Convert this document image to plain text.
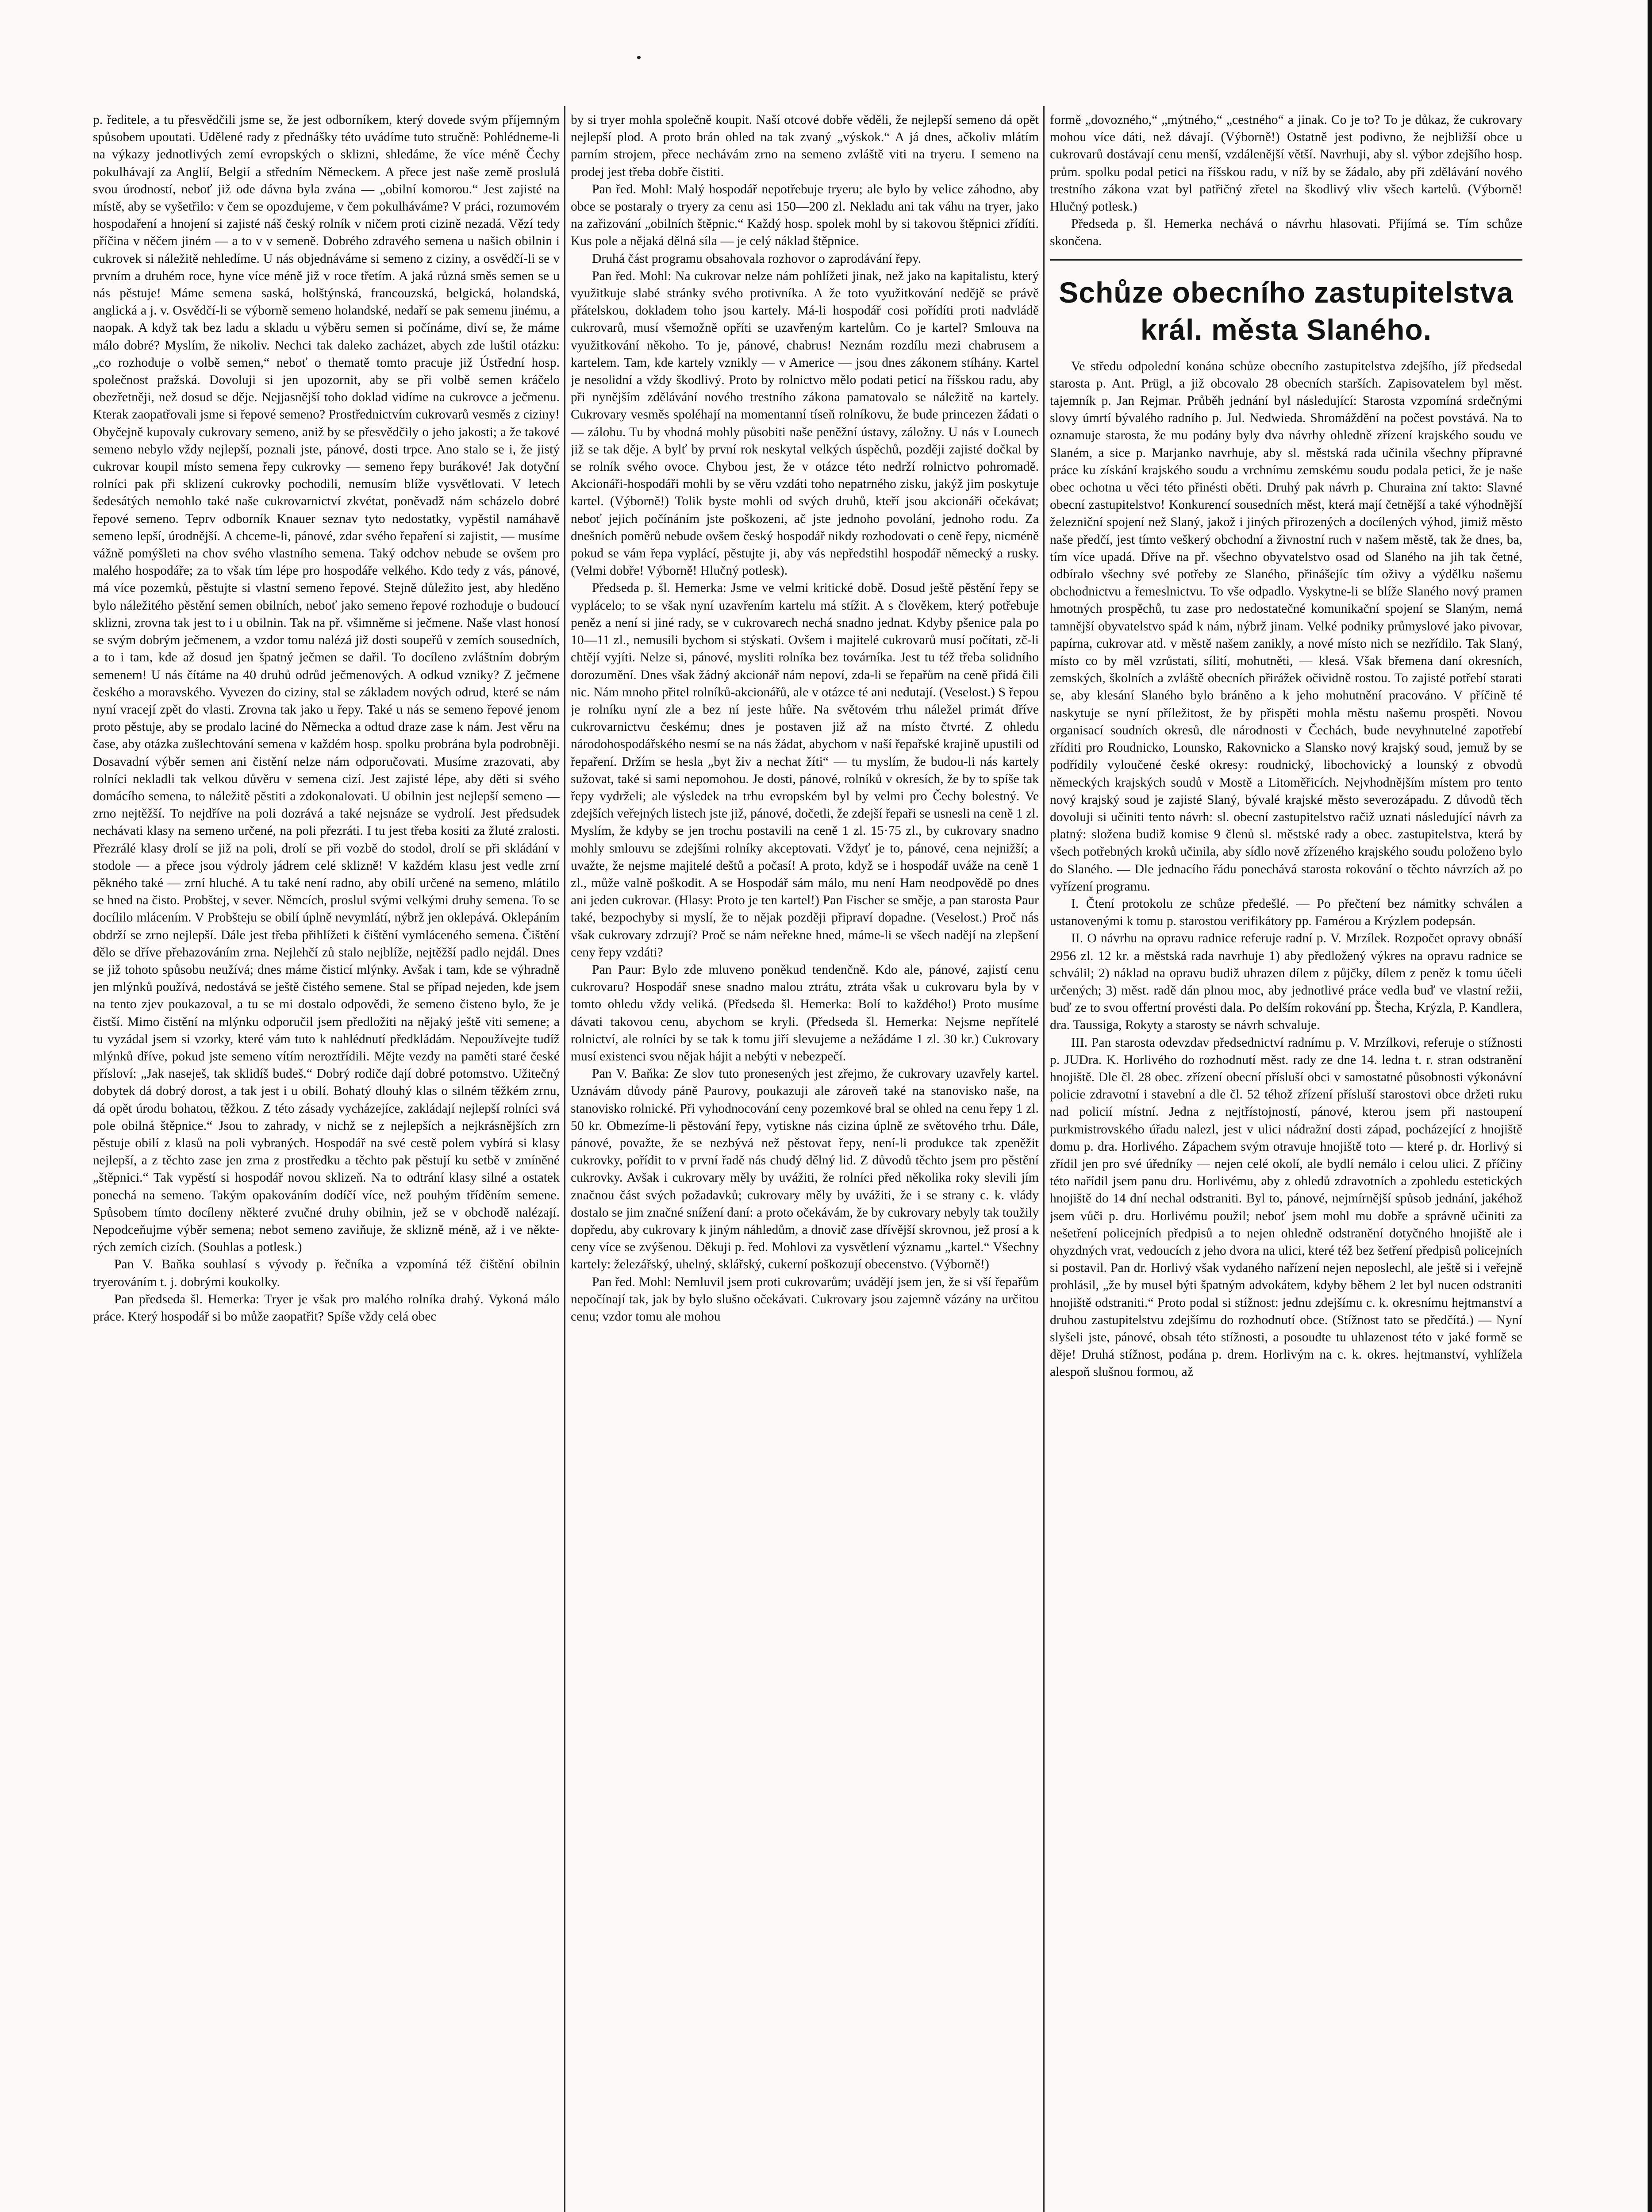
p. ředitele, a tu přesvědčili jsme se, že jest odborníkem, který dovede svým příjemným spůsobem upoutati. Udělené rady z přednášky této uvádíme tuto stručně: Pohlédneme-li na výkazy jednotlivých zemí evropských o sklizni, shledáme, že více méně Čechy pokulhávají za Anglií, Belgií a středním Německem. A přece jest naše země proslulá svou úrodností, neboť již ode dávna byla zvána — „obilní komorou.“ Jest zajisté na místě, aby se vyšetřilo: v čem se opozdujeme, v čem pokulháváme? V práci, rozumovém hospodaření a hnojení si zajisté náš český rolník v ničem proti cizině nezadá. Vězí tedy příčina v něčem jiném — a to v v semeně. Dobrého zdravého semena u našich obilnin i cukrovek si náležitě nehledíme. U nás objednáváme si semeno z ciziny, a osvědčí-li se v prvním a druhém roce, hyne více méně již v roce třetím. A jaká různá směs semen se u nás pěstuje! Máme semena saská, holštýnská, francouzská, belgická, holandská, anglická a j. v. Osvědčí-li se výborně semeno holandské, nedaří se pak semenu jinému, a naopak. A když tak bez ladu a skladu u výběru semen si počínáme, diví se, že máme málo dobré? Myslím, že nikoliv. Nechci tak daleko zacházet, abych zde luštil otázku: „co rozhoduje o volbě semen,“ neboť o thematě tomto pracuje již Ústřední hosp. společnost pražská. Dovoluji si jen upozornit, aby se při volbě semen kráčelo obezřetněji, než dosud se děje. Nejjasnější toho doklad vidíme na cukrovce a ječmenu. Kterak zaopatřovali jsme si řepové semeno? Prostřednictvím cukrovarů vesměs z ciziny! Obyčejně kupovaly cukrovary semeno, aniž by se přesvědčily o jeho jakosti; a že takové semeno nebylo vždy nejlepší, poznali jste, pánové, dosti trpce. Ano stalo se i, že jistý cukrovar koupil místo semena řepy cukrovky — semeno řepy burákové! Jak dotyční rolníci pak při sklizení cukrovky pochodili, nemusím blíže vysvětlovati. V letech šedesátých nemohlo také naše cukrovarnictví zkvétat, poněvadž nám scházelo dobré řepové semeno. Teprv odborník Knauer seznav tyto nedostatky, vypěstil namáhavě semeno lepší, úrodnější. A chceme-li, pánové, zdar svého řepaření si zajistit, — musíme vážně pomýšleti na chov svého vlastního semena. Taký odchov nebude se ovšem pro malého hospodáře; za to však tím lépe pro hospodáře velkého. Kdo tedy z vás, pánové, má více pozemků, pěstujte si vlastní semeno řepové. Stejně důležito jest, aby hleděno bylo náležitého pěstění semen obilních, neboť jako semeno řepové rozhoduje o budoucí sklizni, zrovna tak jest to i u obilnin. Tak na př. všimněme si ječmene. Naše vlast honosí se svým dobrým ječmenem, a vzdor tomu nalézá již dosti soupeřů v zemích sousedních, a to i tam, kde až dosud jen špatný ječmen se dařil. To docíleno zvláštním dobrým semenem! U nás čítáme na 40 druhů odrůd ječmenových. A odkud vzniky? Z ječmene českého a moravského. Vyvezen do ciziny, stal se základem nových odrud, které se nám nyní vracejí zpět do vlasti. Zrovna tak jako u řepy. Také u nás se semeno řepové jenom proto pěstuje, aby se prodalo laciné do Německa a odtud draze zase k nám. Jest věru na čase, aby otázka zušlechtování semena v každém hosp. spolku probrána byla podrobněji. Dosavadní výběr semen ani čistění nelze nám odporučovati. Musíme zrazovati, aby rolníci nekladli tak velkou důvěru v semena cizí. Jest zajisté lépe, aby děti si svého domácího semena, to náležitě pěstiti a zdokonalovati. U obilnin jest nejlepší semeno — zrno nejtěžší. To nejdříve na poli dozrává a také nejsnáze se vydrolí. Jest předsudek nechávati klasy na semeno určené, na poli přezráti. I tu jest třeba kositi za žluté zralosti. Přezrálé klasy drolí se již na poli, drolí se při vozbě do stodol, drolí se při skládání v stodole — a přece jsou výdroly jádrem celé sklizně! V každém klasu jest vedle zrní pěkného také — zrní hluché. A tu také není radno, aby obilí určené na semeno, mlátilo se hned na čisto. Probštej, v sever. Němcích, proslul svými velkými druhy semena. To se docílilo mlácením. V Probšteju se obilí úplně nevymlátí, nýbrž jen oklepává. Oklepáním obdrží se zrno nejlepší. Dále jest třeba přihlížeti k čištění vymláceného semena. Čištění dělo se dříve přehazováním zrna. Nejlehčí zů stalo nejblíže, nejtěžší padlo nejdál. Dnes se již tohoto spůsobu neužívá; dnes máme čisticí mlýnky. Avšak i tam, kde se výhradně jen mlýnků používá, nedostává se ještě čistého semene. Stal se případ nejeden, kde jsem na tento zjev poukazoval, a tu se mi dostalo odpovědi, že semeno čisteno bylo, že je čistší. Mimo čistění na mlýnku odporučil jsem předložiti na nějaký ještě viti semene; a tu vyzádal jsem si vzorky, které vám tuto k nahlédnutí předkládám. Nepoužívejte tudíž mlýnků dříve, pokud jste semeno vítím neroztřídili. Mějte vezdy na paměti staré české přísloví: „Jak naseješ, tak sklidíš budeš.“ Dobrý rodiče dají dobré potomstvo. Užitečný dobytek dá dobrý dorost, a tak jest i u obilí. Bohatý dlouhý klas o silném těžkém zrnu, dá opět úrodu bohatou, těžkou. Z této zásady vycházejíce, zakládají nejlepší rolníci svá pole obilná štěpnice.“ Jsou to zahrady, v nichž se z nejlepších a nejkrásnějších zrn pěstuje obilí z klasů na poli vybraných. Hospodář na své cestě polem vybírá si klasy nejlepší, a z těchto zase jen zrna z prostředku a těchto pak pěstují ku setbě v zmíněné „štěpnici.“ Tak vypěstí si hospodář novou sklizeň. Na to odtrání klasy silné a ostatek ponechá na semeno. Takým opakováním dodíčí více, než pouhým tříděním semene. Spůsobem tímto docíleny některé zvučné druhy obilnin, jež se v obchodě nalézají. Nepodceňujme výběr semena; nebot semeno zaviňuje, že sklizně méně, až i ve některých zemích cizích. (Souhlas a potlesk.)

Pan V. Baňka souhlasí s vývody p. řečníka a vzpomíná též čištění obilnin tryerováním t. j. dobrými koukolky.

Pan předseda šl. Hemerka: Tryer je však pro malého rolníka drahý. Vykoná málo práce. Který hospodář si bo může zaopatřit? Spíše vždy celá obec

by si tryer mohla společně koupit. Naší otcové dobře věděli, že nejlepší semeno dá opět nejlepší plod. A proto brán ohled na tak zvaný „výskok.“ A já dnes, ačkoliv mlátím parním strojem, přece nechávám zrno na semeno zvláště viti na tryeru. I semeno na prodej jest třeba dobře čistiti.

Pan řed. Mohl: Malý hospodář nepotřebuje tryeru; ale bylo by velice záhodno, aby obce se postaraly o tryery za cenu asi 150—200 zl. Nekladu ani tak váhu na tryer, jako na zařizování „obilních štěpnic.“ Každý hosp. spolek mohl by si takovou štěpnici zřídíti. Kus pole a nějaká dělná síla — je celý náklad štěpnice.

Druhá část programu obsahovala rozhovor o zaprodávání řepy.

Pan řed. Mohl: Na cukrovar nelze nám pohlížeti jinak, než jako na kapitalistu, který využitkuje slabé stránky svého protivníka. A že toto využitkování nedějě se právě přátelskou, dokladem toho jsou kartely. Má-li hospodář cosi pořídíti proti nadvládě cukrovarů, musí všemožně opříti se uzavřeným kartelům. Co je kartel? Smlouva na využitkování někoho. To je, pánové, chabrus! Neznám rozdílu mezi chabrusem a kartelem. Tam, kde kartely vznikly — v Americe — jsou dnes zákonem stíhány. Kartel je nesolidní a vždy škodlivý. Proto by rolnictvo mělo podati peticí na říšskou radu, aby při nynějším zdělávání nového trestního zákona pamatovalo se náležitě na kartely. Cukrovary vesměs spoléhají na momentanní tíseň rolníkovu, že bude princezen žádati o — zálohu. Tu by vhodná mohly působiti naše peněžní ústavy, záložny. U nás v Lounech již se tak děje. A bylť by první rok neskytal velkých úspěchů, později zajisté dočkal by se rolník svého ovoce. Chybou jest, že v otázce této nedrží rolnictvo pohromadě. Akcionáři-hospodáři mohli by se věru vzdáti toho nepatrného zisku, jakýž jim poskytuje kartel. (Výborně!) Tolik byste mohli od svých druhů, kteří jsou akcionáři očekávat; neboť jejich počínáním jste poškozeni, ač jste jednoho povolání, jednoho rodu. Za dnešních poměrů nebude ovšem český hospodář nikdy rozhodovati o ceně řepy, nicméně pokud se vám řepa vyplácí, pěstujte ji, aby vás nepředstihl hospodář německý a rusky. (Velmi dobře! Výborně! Hlučný potlesk).

Předseda p. šl. Hemerka: Jsme ve velmi kritické době. Dosud ještě pěstění řepy se vyplácelo; to se však nyní uzavřením kartelu má stížit. A s člověkem, který potřebuje peněz a není si jiné rady, se v cukrovarech nechá snadno jednat. Kdyby pšenice pala po 10—11 zl., nemusili bychom si stýskati. Ovšem i majitelé cukrovarů musí počítati, zč-li chtějí vyjíti. Nelze si, pánové, mysliti rolníka bez továrníka. Jest tu též třeba solidního dorozumění. Dnes však žádný akcionář nám nepoví, zda-li se řepařům na ceně přidá čili nic. Nám mnoho přitel rolníků-akcionářů, ale v otázce té ani nedutají. (Veselost.) S řepou je rolníku nyní zle a bez ní jeste hůře. Na světovém trhu náležel primát dříve cukrovarnictvu českému; dnes je postaven již až na místo čtvrté. Z ohledu národohospodářského nesmí se na nás žádat, abychom v naší řepařské krajině upustili od řepaření. Držím se hesla „byt živ a nechat žíti“ — tu myslím, že budou-li nás kartely sužovat, také si sami nepomohou. Je dosti, pánové, rolníků v okresích, že by to spíše tak řepy vydrželi; ale výsledek na trhu evropském byl by velmi pro Čechy bolestný. Ve zdejších veřejných listech jste již, pánové, dočetli, že zdejší řepaři se usnesli na ceně 1 zl. Myslím, že kdyby se jen trochu postavili na ceně 1 zl. 15·75 zl., by cukrovary snadno mohly smlouvu se zdejšími rolníky akceptovati. Vždyť je to, pánové, cena nejnižší; a uvažte, že nejsme majitelé deštů a počasí! A proto, když se i hospodář uváže na ceně 1 zl., může valně poškodit. A se Hospodář sám málo, mu není Ham neodpovědě po dnes ani jeden cukrovar. (Hlasy: Proto je ten kartel!) Pan Fischer se směje, a pan starosta Paur také, bezpochyby si myslí, že to nějak později připraví dopadne. (Veselost.) Proč nás však cukrovary zdrzují? Proč se nám neřekne hned, máme-li se všech nadějí na zlepšení ceny řepy vzdáti?

Pan Paur: Bylo zde mluveno poněkud tendenčně. Kdo ale, pánové, zajistí cenu cukrovaru? Hospodář snese snadno malou ztrátu, ztráta však u cukrovaru byla by v tomto ohledu vždy veliká. (Předseda šl. Hemerka: Bolí to každého!) Proto musíme dávati takovou cenu, abychom se kryli. (Předseda šl. Hemerka: Nejsme nepřítelé rolnictví, ale rolníci by se tak k tomu jiří slevujeme a nežádáme 1 zl. 30 kr.) Cukrovary musí existenci svou nějak hájit a nebýti v nebezpečí.

Pan V. Baňka: Ze slov tuto pronesených jest zřejmo, že cukrovary uzavřely kartel. Uznávám důvody páně Paurovy, poukazuji ale zároveň také na stanovisko naše, na stanovisko rolnické. Při vyhodnocování ceny pozemkové bral se ohled na cenu řepy 1 zl. 50 kr. Obmezíme-li pěstování řepy, vytiskne nás cizina úplně ze světového trhu. Dále, pánové, považte, že se nezbývá než pěstovat řepy, není-li produkce tak zpeněžit cukrovky, pořídit to v první řadě nás chudý dělný lid. Z důvodů těchto jsem pro pěstění cukrovky. Avšak i cukrovary měly by uvážiti, že rolníci před několika roky slevili jím značnou část svých požadavků; cukrovary měly by uvážiti, že i se strany c. k. vlády dostalo se jim značné snížení daní: a proto očekávám, že by cukrovary nebyly tak toužily dopředu, aby cukrovary k jiným náhledům, a dnovič zase dřívější skrovnou, jež prosí a k ceny více se zvýšenou. Děkuji p. řed. Mohlovi za vysvětlení významu „kartel.“ Všechny kartely: železářský, uhelný, sklářský, cukerní poškozují obecenstvo. (Výborně!)

Pan řed. Mohl: Nemluvil jsem proti cukrovarům; uvádějí jsem jen, že si vší řepařům nepočínají tak, jak by bylo slušno očekávati. Cukrovary jsou zajemně vázány na určitou cenu; vzdor tomu ale mohou

formě „dovozného,“ „mýtného,“ „cestného“ a jinak. Co je to? To je důkaz, že cukrovary mohou více dáti, než dávají. (Výborně!) Ostatně jest podivno, že nejbližší obce u cukrovarů dostávají cenu menší, vzdálenější větší. Navrhuji, aby sl. výbor zdejšího hosp. prům. spolku podal petici na říšskou radu, v níž by se žádalo, aby při zdělávání nového trestního zákona vzat byl patřičný zřetel na škodlivý vliv všech kartelů. (Výborně! Hlučný potlesk.)

Předseda p. šl. Hemerka nechává o návrhu hlasovati. Přijímá se. Tím schůze skončena.

Schůze obecního zastupitelstva král. města Slaného.

Ve středu odpolední konána schůze obecního zastupitelstva zdejšího, jíž předsedal starosta p. Ant. Prügl, a již obcovalo 28 obecních starších. Zapisovatelem byl měst. tajemník p. Jan Rejmar. Průběh jednání byl následující: Starosta vzpomíná srdečnými slovy úmrtí bývalého radního p. Jul. Nedwieda. Shromáždění na počest povstává. Na to oznamuje starosta, že mu podány byly dva návrhy ohledně zřízení krajského soudu ve Slaném, a sice p. Marjanko navrhuje, aby sl. městská rada učinila všechny přípravné práce ku získání krajského soudu a vrchnímu zemskému soudu podala petici, že je naše obec ochotna u věci této přinésti oběti. Druhý pak návrh p. Churaina zní takto: Slavné obecní zastupitelstvo! Konkurencí sousedních měst, která mají četnější a také výhodnější železniční spojení než Slaný, jakož i jiných přirozených a docílených výhod, jimiž město naše předčí, jest tímto veškerý obchodní a živnostní ruch v našem městě, tak že dnes, ba, tím více upadá. Dříve na př. všechno obyvatelstvo osad od Slaného na jih tak četné, odbíralo všechny své potřeby ze Slaného, přinášejíc tím oživy a výdělku našemu obchodnictvu a řemeslnictvu. To vše odpadlo. Vyskytne-li se blíže Slaného nový pramen hmotných prospěchů, tu zase pro nedostatečné komunikační spojení se Slaným, nemá tamnější obyvatelstvo spád k nám, nýbrž jinam. Velké podniky průmyslové jako pivovar, papírna, cukrovar atd. v městě našem zanikly, a nové místo nich se nezřídilo. Tak Slaný, místo co by měl vzrůstati, sílití, mohutněti, — klesá. Však břemena daní okresních, zemských, školních a zvláště obecních přirážek očividně rostou. To zajisté potřebí starati se, aby klesání Slaného bylo bráněno a k jeho mohutnění pracováno. V příčině té naskytuje se nyní příležitost, že by přispěti mohla městu našemu prospěti. Novou organisací soudních okresů, dle národnosti v Čechách, bude nevyhnutelné zapotřebí zříditi pro Roudnicko, Lounsko, Rakovnicko a Slansko nový krajský soud, jemuž by se podřídily vyloučené české okresy: roudnický, libochovický a lounský z obvodů německých krajských soudů v Mostě a Litoměřicích. Nejvhodnějším místem pro tento nový krajský soud je zajisté Slaný, bývalé krajské město severozápadu. Z důvodů těch dovoluji si učiniti tento návrh: sl. obecní zastupitelstvo račiž uznati následující návrh za platný: složena budiž komise 9 členů sl. městské rady a obec. zastupitelstva, která by všech potřebných kroků učinila, aby sídlo nově zřízeného krajského soudu položeno bylo do Slaného. — Dle jednacího řádu ponechává starosta rokování o těchto návrzích až po vyřízení programu.

I. Čtení protokolu ze schůze předešlé. — Po přečtení bez námitky schválen a ustanovenými k tomu p. starostou verifikátory pp. Famérou a Krýzlem podepsán.

II. O návrhu na opravu radnice referuje radní p. V. Mrzílek. Rozpočet opravy obnáší 2956 zl. 12 kr. a městská rada navrhuje 1) aby předložený výkres na opravu radnice se schválil; 2) náklad na opravu budiž uhrazen dílem z půjčky, dílem z peněz k tomu účeli určených; 3) měst. radě dán plnou moc, aby jednotlivé práce vedla buď ve vlastní režii, buď ze to svou offertní provésti dala. Po delším rokování pp. Štecha, Krýzla, P. Kandlera, dra. Taussiga, Rokyty a starosty se návrh schvaluje.

III. Pan starosta odevzdav předsednictví radnímu p. V. Mrzílkovi, referuje o stížnosti p. JUDra. K. Horlivého do rozhodnutí měst. rady ze dne 14. ledna t. r. stran odstranění hnojiště. Dle čl. 28 obec. zřízení obecní přísluší obci v samostatné působnosti výkonávní policie zdravotní i stavební a dle čl. 52 téhož zřízení přísluší starostovi obce držeti ruku nad policií místní. Jedna z nejtřístojností, pánové, kterou jsem při nastoupení purkmistrovského úřadu nalezl, jest v ulici nádražní dosti západ, pocházející z hnojiště domu p. dra. Horlivého. Zápachem svým otravuje hnojiště toto — které p. dr. Horlivý si zřídil jen pro své úředníky — nejen celé okolí, ale bydlí nemálo i celou ulici. Z příčiny této nařídil jsem panu dru. Horlivému, aby z ohledů zdravotních a zpohledu estetických hnojiště do 14 dní nechal odstraniti. Byl to, pánové, nejmírnější spůsob jednání, jakéhož jsem vůči p. dru. Horlivému použil; neboť jsem mohl mu dobře a správně učiniti za nešetření policejních předpisů a to nejen ohledně odstranění dotyčného hnojiště ale i ohyzdných vrat, vedoucích z jeho dvora na ulici, které též bez šetření předpisů policejních si postavil. Pan dr. Horlivý však vydaného nařízení nejen neposlechl, ale ještě si i veřejně prohlásil, „že by musel býti špatným advokátem, kdyby během 2 let byl nucen odstraniti hnojiště odstraniti.“ Proto podal si stížnost: jednu zdejšímu c. k. okresnímu hejtmanství a druhou zastupitelstvu zdejšímu do rozhodnutí obce. (Stížnost tato se předčítá.) — Nyní slyšeli jste, pánové, obsah této stížnosti, a posoudte tu uhlazenost této v jaké formě se děje! Druhá stížnost, podána p. drem. Horlivým na c. k. okres. hejtmanství, vyhlížela alespoň slušnou formou, až
